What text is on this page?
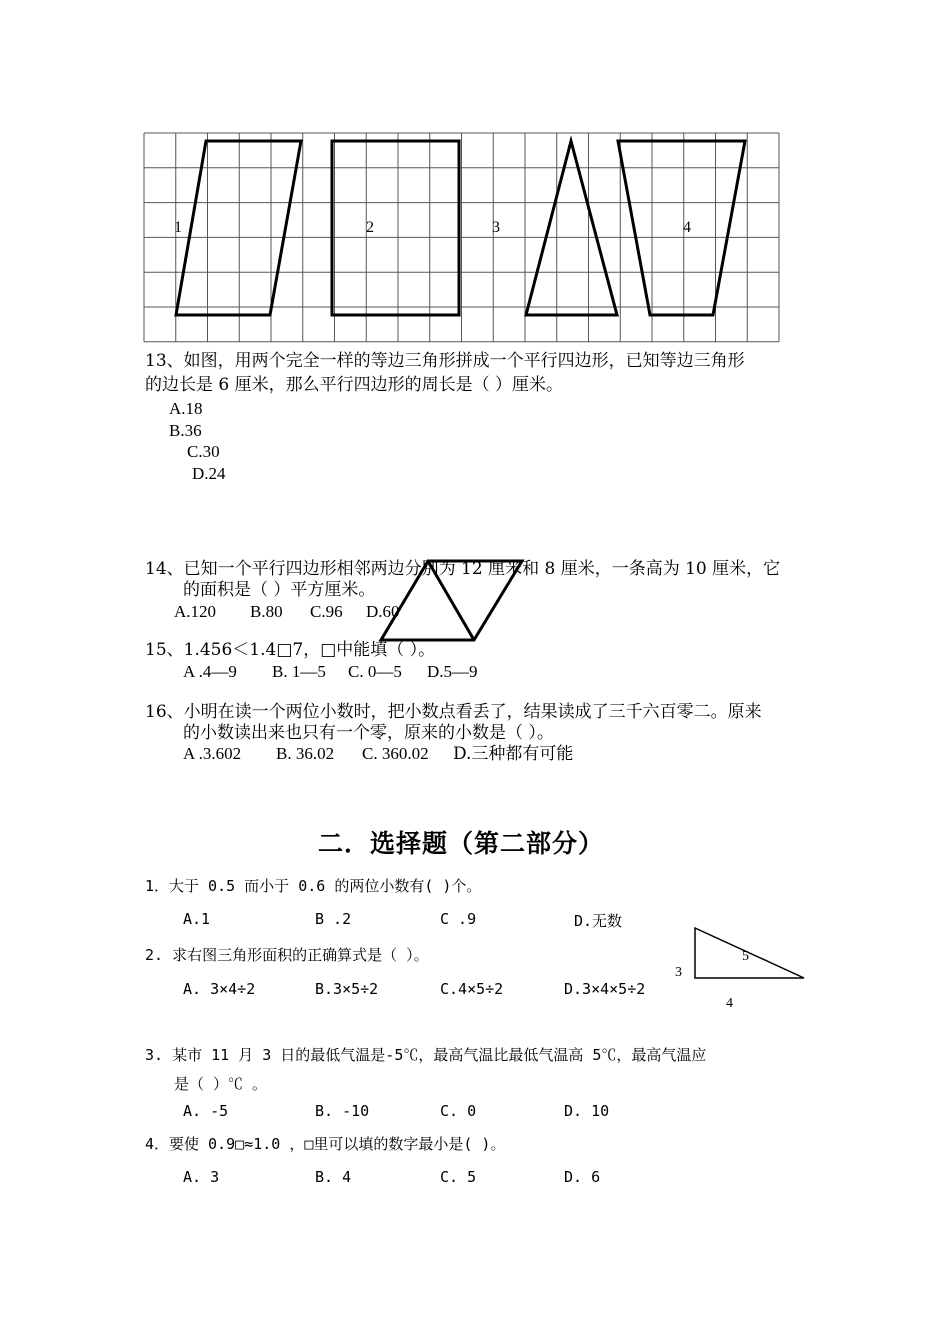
1	2	3	4
13、如图，用两个完全一样的等边三角形拼成一个平行四边形，已知等边三角形
的边长是 6 厘米，那么平行四边形的周长是（ ）厘米。
A.18
B.36
C.30
D.24
14、已知一个平行四边形相邻两边分别为 12 厘米和 8 厘米，一条高为 10 厘米，它
的面积是（ ）平方厘米。
A.120 B.80 C.96 D.60
15、1.456＜1.4□7，□中能填（ ）。
A .4—9 B. 1—5 C. 0—5 D.5—9
16、小明在读一个两位小数时，把小数点看丢了，结果读成了三千六百零二。原来
的小数读出来也只有一个零，原来的小数是（ ）。
A .3.602 B. 36.02 C. 360.02 D.三种都有可能
二．选择题（第二部分）
1．大于 0.5 而小于 0.6 的两位小数有( )个。
A.1	B .2	C .9	D.无数
2. 求右图三角形面积的正确算式是（ ）。
A. 3×4÷2	B.3×5÷2	C.4×5÷2	D.3×4×5÷2
5
3
4
3. 某市 11 月 3 日的最低气温是-5℃，最高气温比最低气温高 5℃，最高气温应
是（ ）℃ 。
A. -5	B. -10	C. 0	D. 10
4．要使 0.9□≈1.0 ，□里可以填的数字最小是( )。
A. 3	B. 4	C. 5	D. 6
